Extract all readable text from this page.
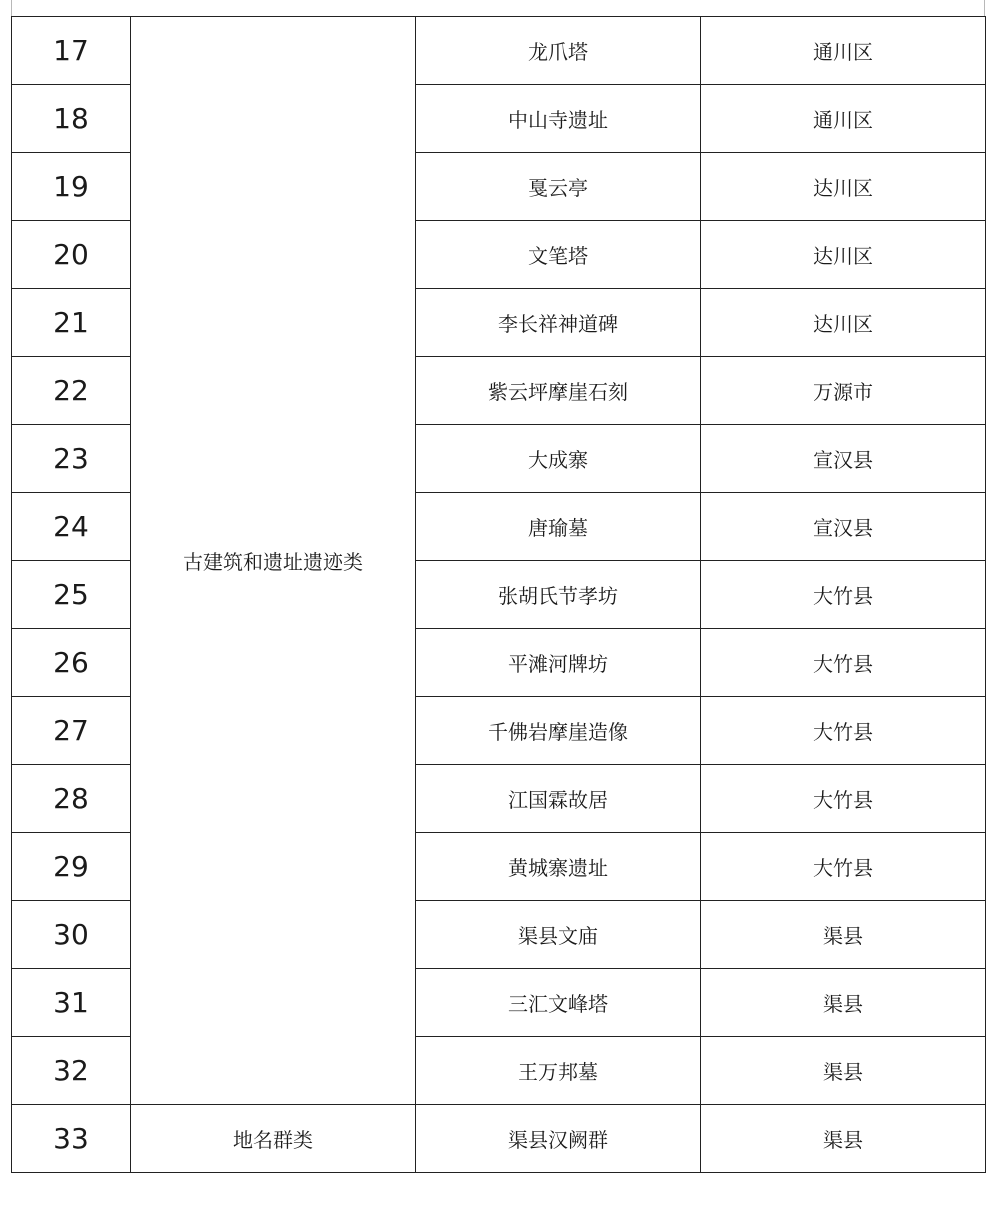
17	古建筑和遗址遗迹类	龙爪塔	通川区
18		中山寺遗址	通川区
19		戛云亭	达川区
20		文笔塔	达川区
21		李长祥神道碑	达川区
22		紫云坪摩崖石刻	万源市
23		大成寨	宣汉县
24		唐瑜墓	宣汉县
25		张胡氏节孝坊	大竹县
26		平滩河牌坊	大竹县
27		千佛岩摩崖造像	大竹县
28		江国霖故居	大竹县
29		黄城寨遗址	大竹县
30		渠县文庙	渠县
31		三汇文峰塔	渠县
32		王万邦墓	渠县
33	地名群类	渠县汉阙群	渠县
